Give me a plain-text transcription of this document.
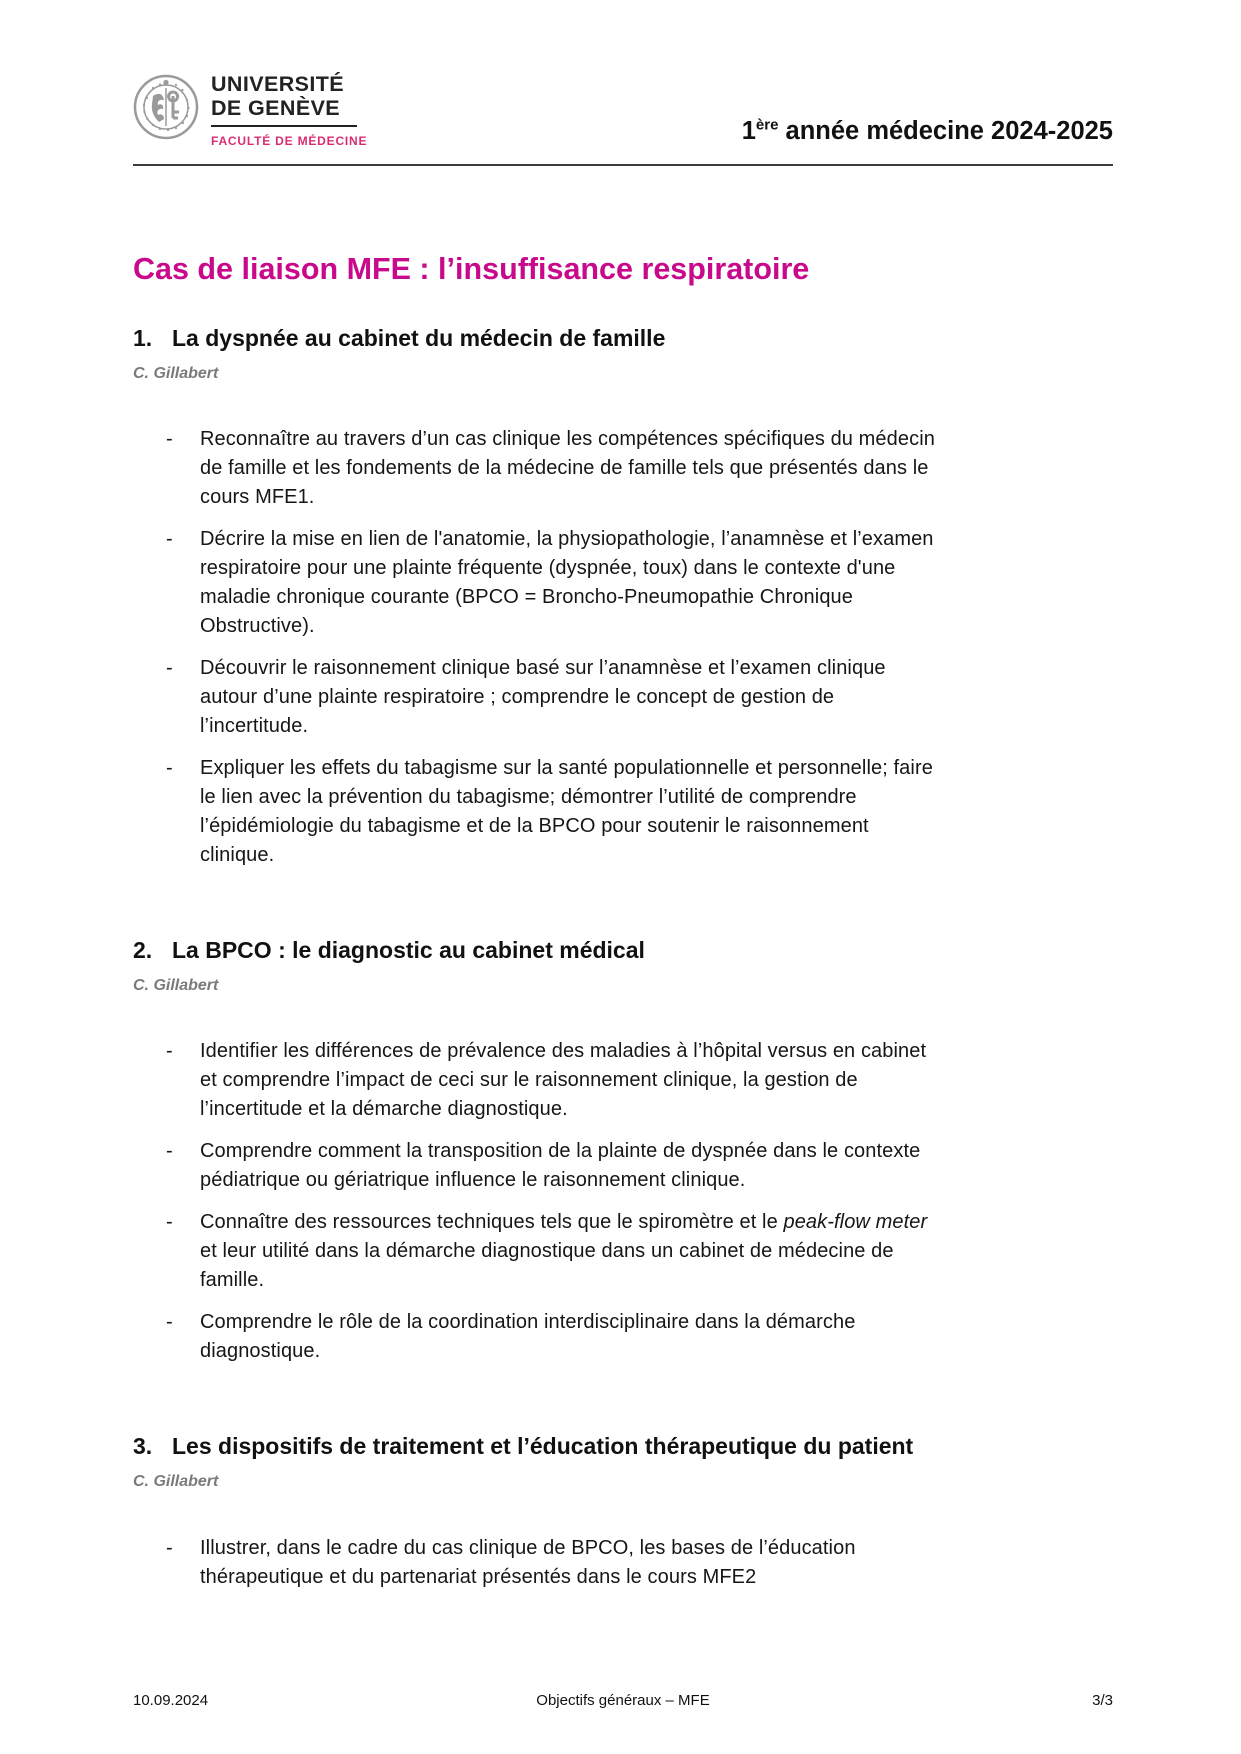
UNIVERSITÉ
DE GENÈVE
FACULTÉ DE MÉDECINE	1ère année médecine 2024-2025
Cas de liaison MFE : l’insuffisance respiratoire
1. La dyspnée au cabinet du médecin de famille

C. Gillabert

-	Reconnaître au travers d’un cas clinique les compétences spécifiques du médecin de famille et les fondements de la médecine de famille tels que présentés dans le cours MFE1.
-	Décrire la mise en lien de l'anatomie, la physiopathologie, l’anamnèse et l’examen respiratoire pour une plainte fréquente (dyspnée, toux) dans le contexte d'une maladie chronique courante (BPCO = Broncho-Pneumopathie Chronique Obstructive).
-	Découvrir le raisonnement clinique basé sur l’anamnèse et l’examen clinique autour d’une plainte respiratoire ; comprendre le concept de gestion de l’incertitude.
-	Expliquer les effets du tabagisme sur la santé populationnelle et personnelle; faire le lien avec la prévention du tabagisme; démontrer l’utilité de comprendre l’épidémiologie du tabagisme et de la BPCO pour soutenir le raisonnement clinique.
2. La BPCO : le diagnostic au cabinet médical

C. Gillabert

-	Identifier les différences de prévalence des maladies à l’hôpital versus en cabinet et comprendre l’impact de ceci sur le raisonnement clinique, la gestion de l’incertitude et la démarche diagnostique.
-	Comprendre comment la transposition de la plainte de dyspnée dans le contexte pédiatrique ou gériatrique influence le raisonnement clinique.
-	Connaître des ressources techniques tels que le spiromètre et le peak-flow meter et leur utilité dans la démarche diagnostique dans un cabinet de médecine de famille.
-	Comprendre le rôle de la coordination interdisciplinaire dans la démarche diagnostique.
3. Les dispositifs de traitement et l’éducation thérapeutique du patient

C. Gillabert

-	Illustrer, dans le cadre du cas clinique de BPCO, les bases de l’éducation thérapeutique et du partenariat présentés dans le cours MFE2
10.09.2024	Objectifs généraux – MFE	3/3
